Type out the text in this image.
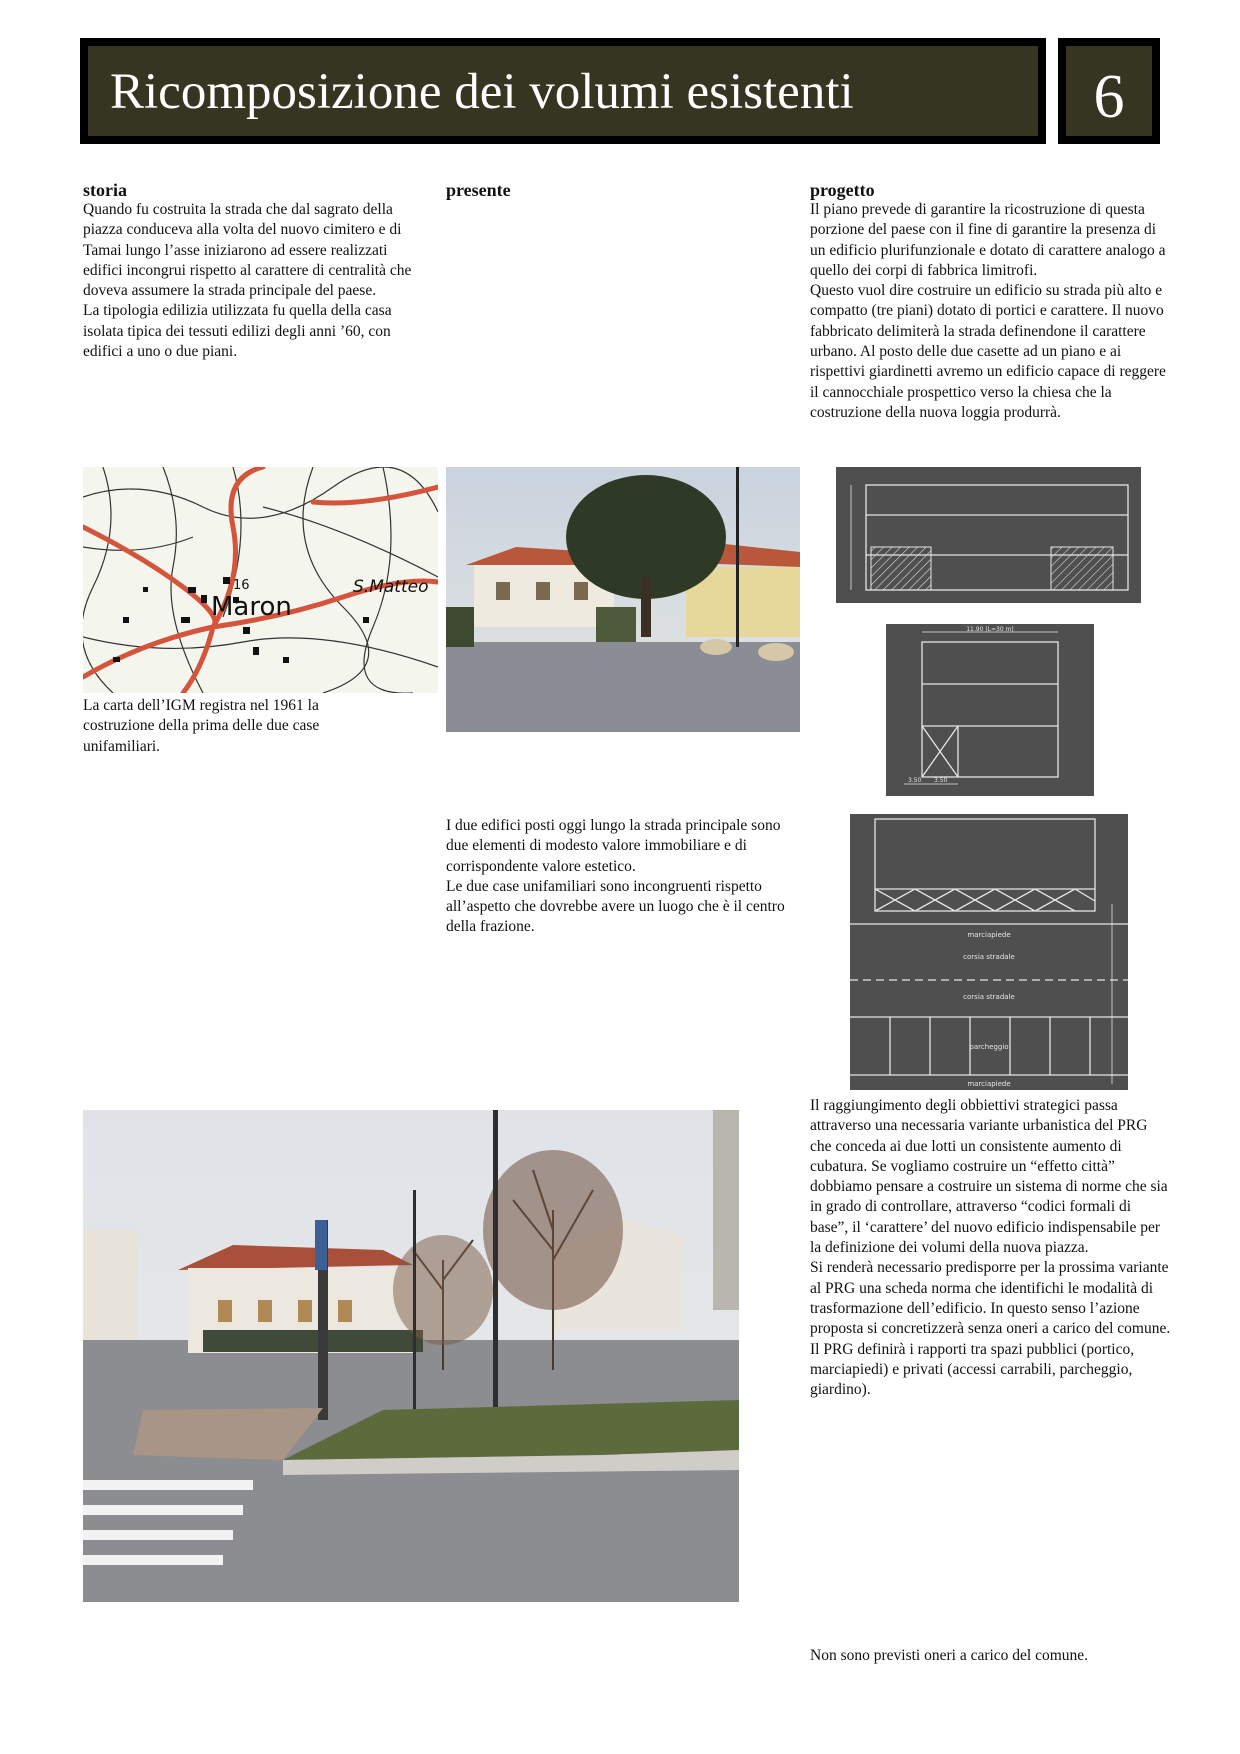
Ricomposizione dei volumi esistenti	6
storia	presente	progetto

Quando fu costruita la strada che dal sagrato della piazza conduceva alla volta del nuovo cimitero e di Tamai lungo l’asse iniziarono ad essere realizzati edifici incongrui rispetto al carattere di centralità che doveva assumere la strada principale del paese.

La tipologia edilizia utilizzata fu quella della casa isolata tipica dei tessuti edilizi degli anni ’60, con edifici a uno o due piani.

Il piano prevede di garantire la ricostruzione di questa porzione del paese con il fine di garantire la presenza di un edificio plurifunzionale e dotato di carattere analogo a quello dei corpi di fabbrica limitrofi.

Questo vuol dire costruire un edificio su strada più alto e compatto (tre piani) dotato di portici e carattere. Il nuovo fabbricato delimiterà la strada definendone il carattere urbano. Al posto delle due casette ad un piano e ai rispettivi giardinetti avremo un edificio capace di reggere il cannocchiale prospettico verso la chiesa che la costruzione della nuova loggia produrrà.

Maron
S.Matteo
16
La carta dell’IGM registra nel 1961 la costruzione della prima delle due case unifamiliari.

I due edifici posti oggi lungo la strada principale sono due elementi di modesto valore immobiliare e di corrispondente valore estetico.

Le due case unifamiliari sono incongruenti rispetto all’aspetto che dovrebbe avere un luogo che è il centro della frazione.

11.90 (L=30 m)
3.50 3.50
marciapiede
corsia stradale
corsia stradale
parcheggio
marciapiede

Il raggiungimento degli obbiettivi strategici passa attraverso una necessaria variante urbanistica del PRG che conceda ai due lotti un consistente aumento di cubatura. Se vogliamo costruire un “effetto città” dobbiamo pensare a costruire un sistema di norme che sia in grado di controllare, attraverso “codici formali di base”, il ‘carattere’ del nuovo edificio indispensabile per la definizione dei volumi della nuova piazza.

Si renderà necessario predisporre per la prossima variante al PRG una scheda norma che identifichi le modalità di trasformazione dell’edificio. In questo senso l’azione proposta si concretizzerà senza oneri a carico del comune. Il PRG definirà i rapporti tra spazi pubblici (portico, marciapiedi) e privati (accessi carrabili, parcheggio, giardino).

Non sono previsti oneri a carico del comune.
